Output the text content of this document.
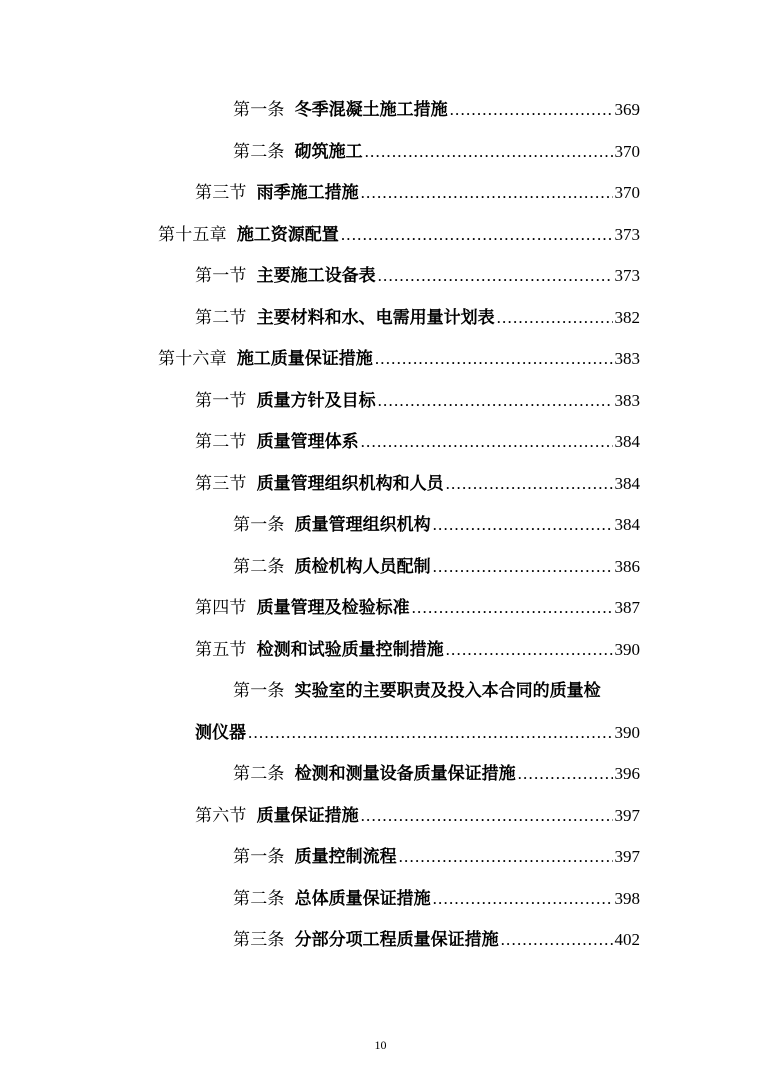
第一条 冬季混凝土施工措施 .....	369
第二条 砌筑施工 .....	370
第三节 雨季施工措施 .....	370
第十五章 施工资源配置 .....	373
第一节 主要施工设备表 .....	373
第二节 主要材料和水、电需用量计划表 .....	382
第十六章 施工质量保证措施 .....	383
第一节 质量方针及目标 .....	383
第二节 质量管理体系 .....	384
第三节 质量管理组织机构和人员 .....	384
第一条 质量管理组织机构 .....	384
第二条 质检机构人员配制 .....	386
第四节 质量管理及检验标准 .....	387
第五节 检测和试验质量控制措施 .....	390
第一条 实验室的主要职责及投入本合同的质量检
测仪器 .....	390
第二条 检测和测量设备质量保证措施 .....	396
第六节 质量保证措施 .....	397
第一条 质量控制流程 .....	397
第二条 总体质量保证措施 .....	398
第三条 分部分项工程质量保证措施 .....	402
10
